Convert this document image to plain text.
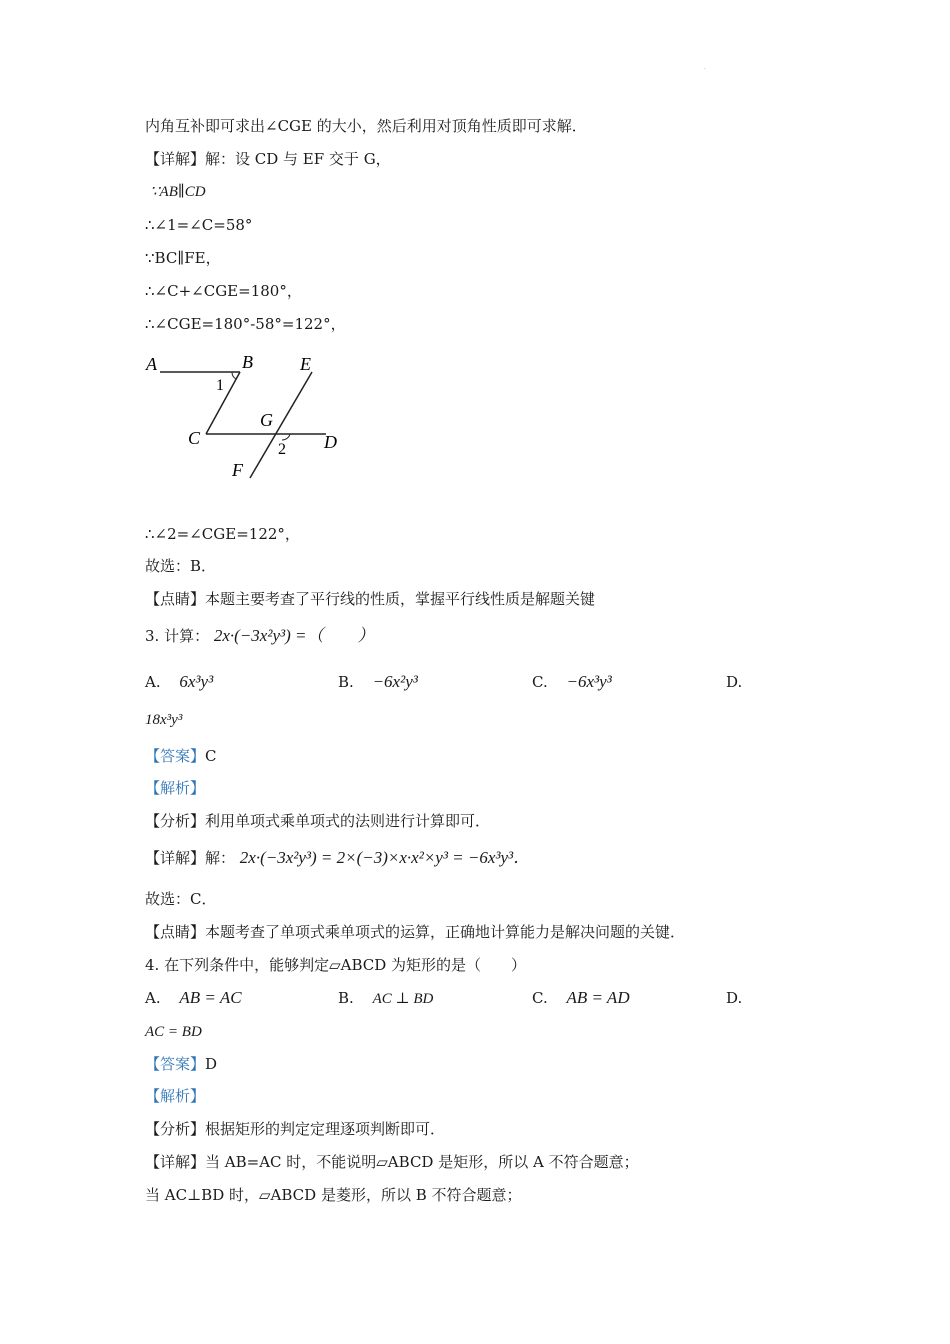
·
内角互补即可求出∠CGE 的大小，然后利用对顶角性质即可求解．
【详解】解：设 CD 与 EF 交于 G，
∵AB∥CD
∴∠1=∠C=58°
∵BC∥FE，
∴∠C+∠CGE=180°，
∴∠CGE=180°-58°=122°，
A	B
C	D
E
F
G
1
2
∴∠2=∠CGE=122°，
故选：B．
【点睛】本题主要考查了平行线的性质，掌握平行线性质是解题关键
3. 计算： 2x·(−3x²y³) =（　　）
A. 6x³y³	B. −6x²y³	C. −6x³y³	D.
18x³y³
【答案】C
【解析】
【分析】利用单项式乘单项式的法则进行计算即可．
【详解】解： 2x·(−3x²y³) = 2×(−3)×x·x²×y³ = −6x³y³．
故选：C．
【点睛】本题考查了单项式乘单项式的运算，正确地计算能力是解决问题的关键．
4. 在下列条件中，能够判定▱ABCD 为矩形的是（　　）
A. AB = AC	B. AC ⊥ BD	C. AB = AD	D.
AC = BD
【答案】D
【解析】
【分析】根据矩形的判定定理逐项判断即可．
【详解】当 AB=AC 时，不能说明▱ABCD 是矩形，所以 A 不符合题意；
当 AC⊥BD 时，▱ABCD 是菱形，所以 B 不符合题意；
